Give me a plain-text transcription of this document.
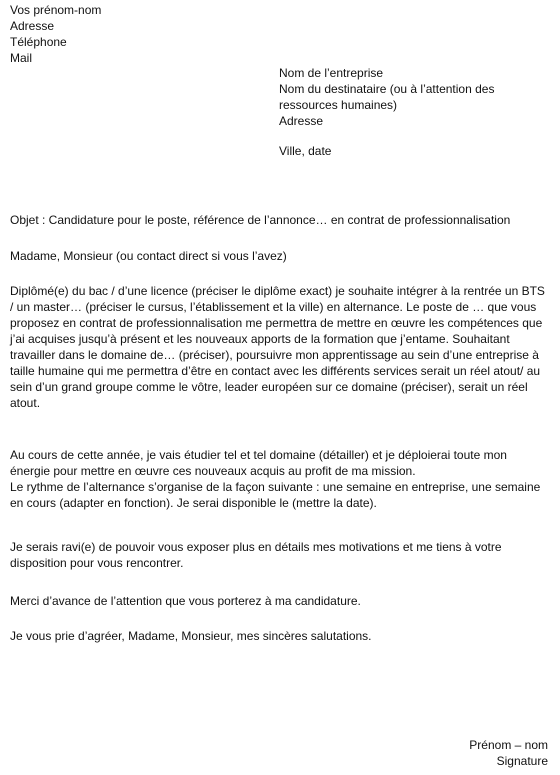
Vos prénom-nom
Adresse
Téléphone
Mail
Nom de l’entreprise
Nom du destinataire (ou à l’attention des
ressources humaines)
Adresse
Ville, date
Objet : Candidature pour le poste, référence de l’annonce… en contrat de professionnalisation
Madame, Monsieur (ou contact direct si vous l’avez)
Diplômé(e) du bac / d’une licence (préciser le diplôme exact) je souhaite intégrer à la rentrée un BTS
/ un master… (préciser le cursus, l’établissement et la ville) en alternance. Le poste de … que vous
proposez en contrat de professionnalisation me permettra de mettre en œuvre les compétences que
j’ai acquises jusqu’à présent et les nouveaux apports de la formation que j’entame. Souhaitant
travailler dans le domaine de… (préciser), poursuivre mon apprentissage au sein d’une entreprise à
taille humaine qui me permettra d’être en contact avec les différents services serait un réel atout/ au
sein d’un grand groupe comme le vôtre, leader européen sur ce domaine (préciser), serait un réel
atout.
Au cours de cette année, je vais étudier tel et tel domaine (détailler) et je déploierai toute mon
énergie pour mettre en œuvre ces nouveaux acquis au profit de ma mission.
Le rythme de l’alternance s’organise de la façon suivante : une semaine en entreprise, une semaine
en cours (adapter en fonction). Je serai disponible le (mettre la date).
Je serais ravi(e) de pouvoir vous exposer plus en détails mes motivations et me tiens à votre
disposition pour vous rencontrer.
Merci d’avance de l’attention que vous porterez à ma candidature.
Je vous prie d’agréer, Madame, Monsieur, mes sincères salutations.
Prénom – nom
Signature
